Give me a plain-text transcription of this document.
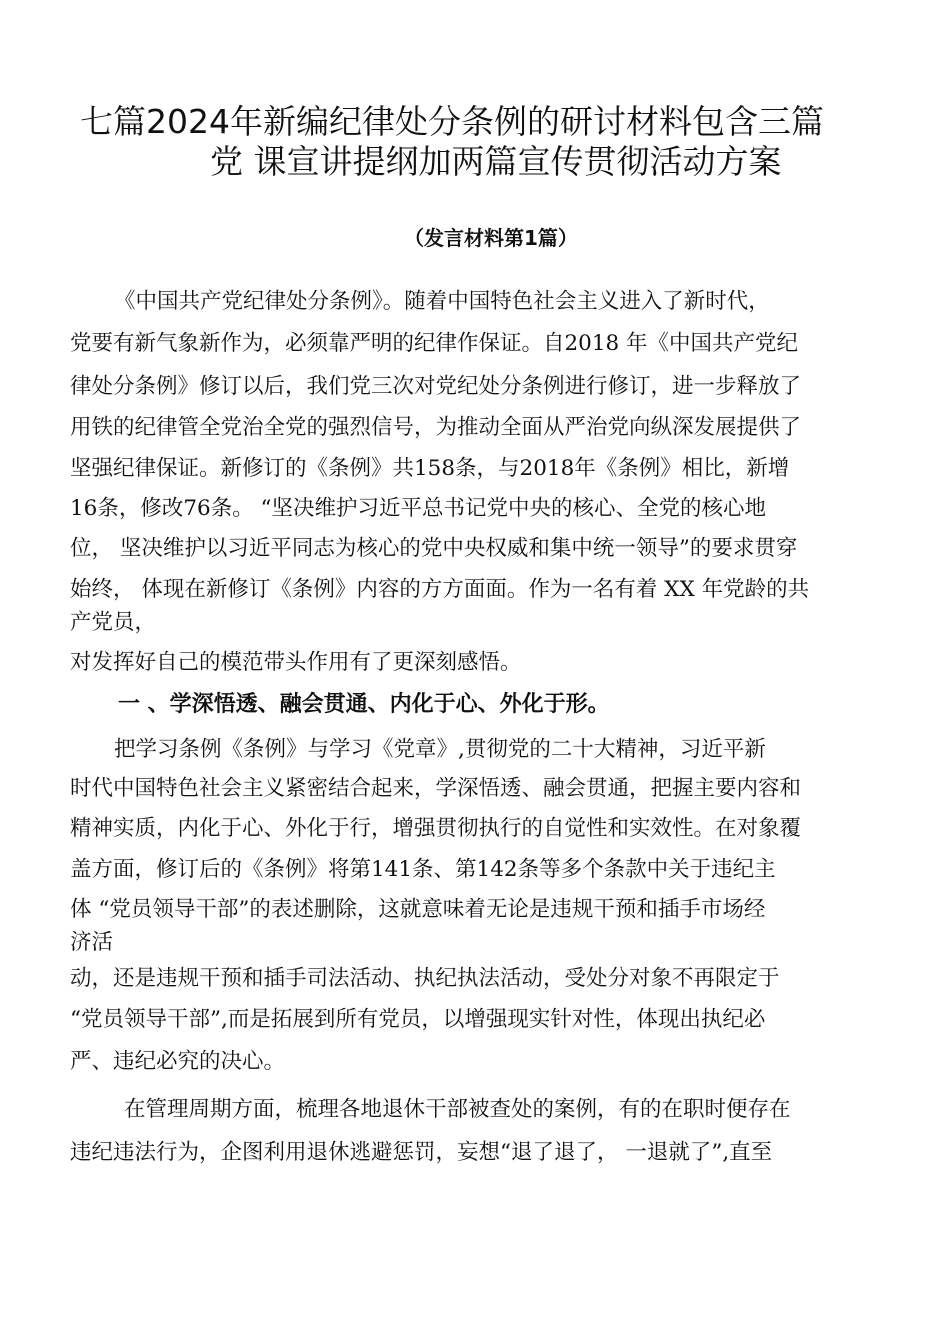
七篇2024年新编纪律处分条例的研讨材料包含三篇
党 课宣讲提纲加两篇宣传贯彻活动方案
（发言材料第1篇）
《中国共产党纪律处分条例》。随着中国特色社会主义进入了新时代，
党要有新气象新作为，必须靠严明的纪律作保证。自2018 年《中国共产党纪
律处分条例》修订以后，我们党三次对党纪处分条例进行修订，进一步释放了
用铁的纪律管全党治全党的强烈信号，为推动全面从严治党向纵深发展提供了
坚强纪律保证。新修订的《条例》共158条，与2018年《条例》相比，新增
16条，修改76条。 “坚决维护习近平总书记党中央的核心、全党的核心地
位， 坚决维护以习近平同志为核心的党中央权威和集中统一领导”的要求贯穿
始终， 体现在新修订《条例》内容的方方面面。作为一名有着 XX 年党龄的共
产党员，
对发挥好自己的模范带头作用有了更深刻感悟。
一 、学深悟透、融会贯通、内化于心、外化于形。
把学习条例《条例》与学习《党章》,贯彻党的二十大精神，习近平新
时代中国特色社会主义紧密结合起来，学深悟透、融会贯通，把握主要内容和
精神实质，内化于心、外化于行，增强贯彻执行的自觉性和实效性。在对象覆
盖方面，修订后的《条例》将第141条、第142条等多个条款中关于违纪主
体 “党员领导干部”的表述删除，这就意味着无论是违规干预和插手市场经
济活
动，还是违规干预和插手司法活动、执纪执法活动，受处分对象不再限定于
“党员领导干部”,而是拓展到所有党员，以增强现实针对性，体现出执纪必
严、违纪必究的决心。
在管理周期方面，梳理各地退休干部被查处的案例，有的在职时便存在
违纪违法行为，企图利用退休逃避惩罚，妄想“退了退了， 一退就了”,直至
